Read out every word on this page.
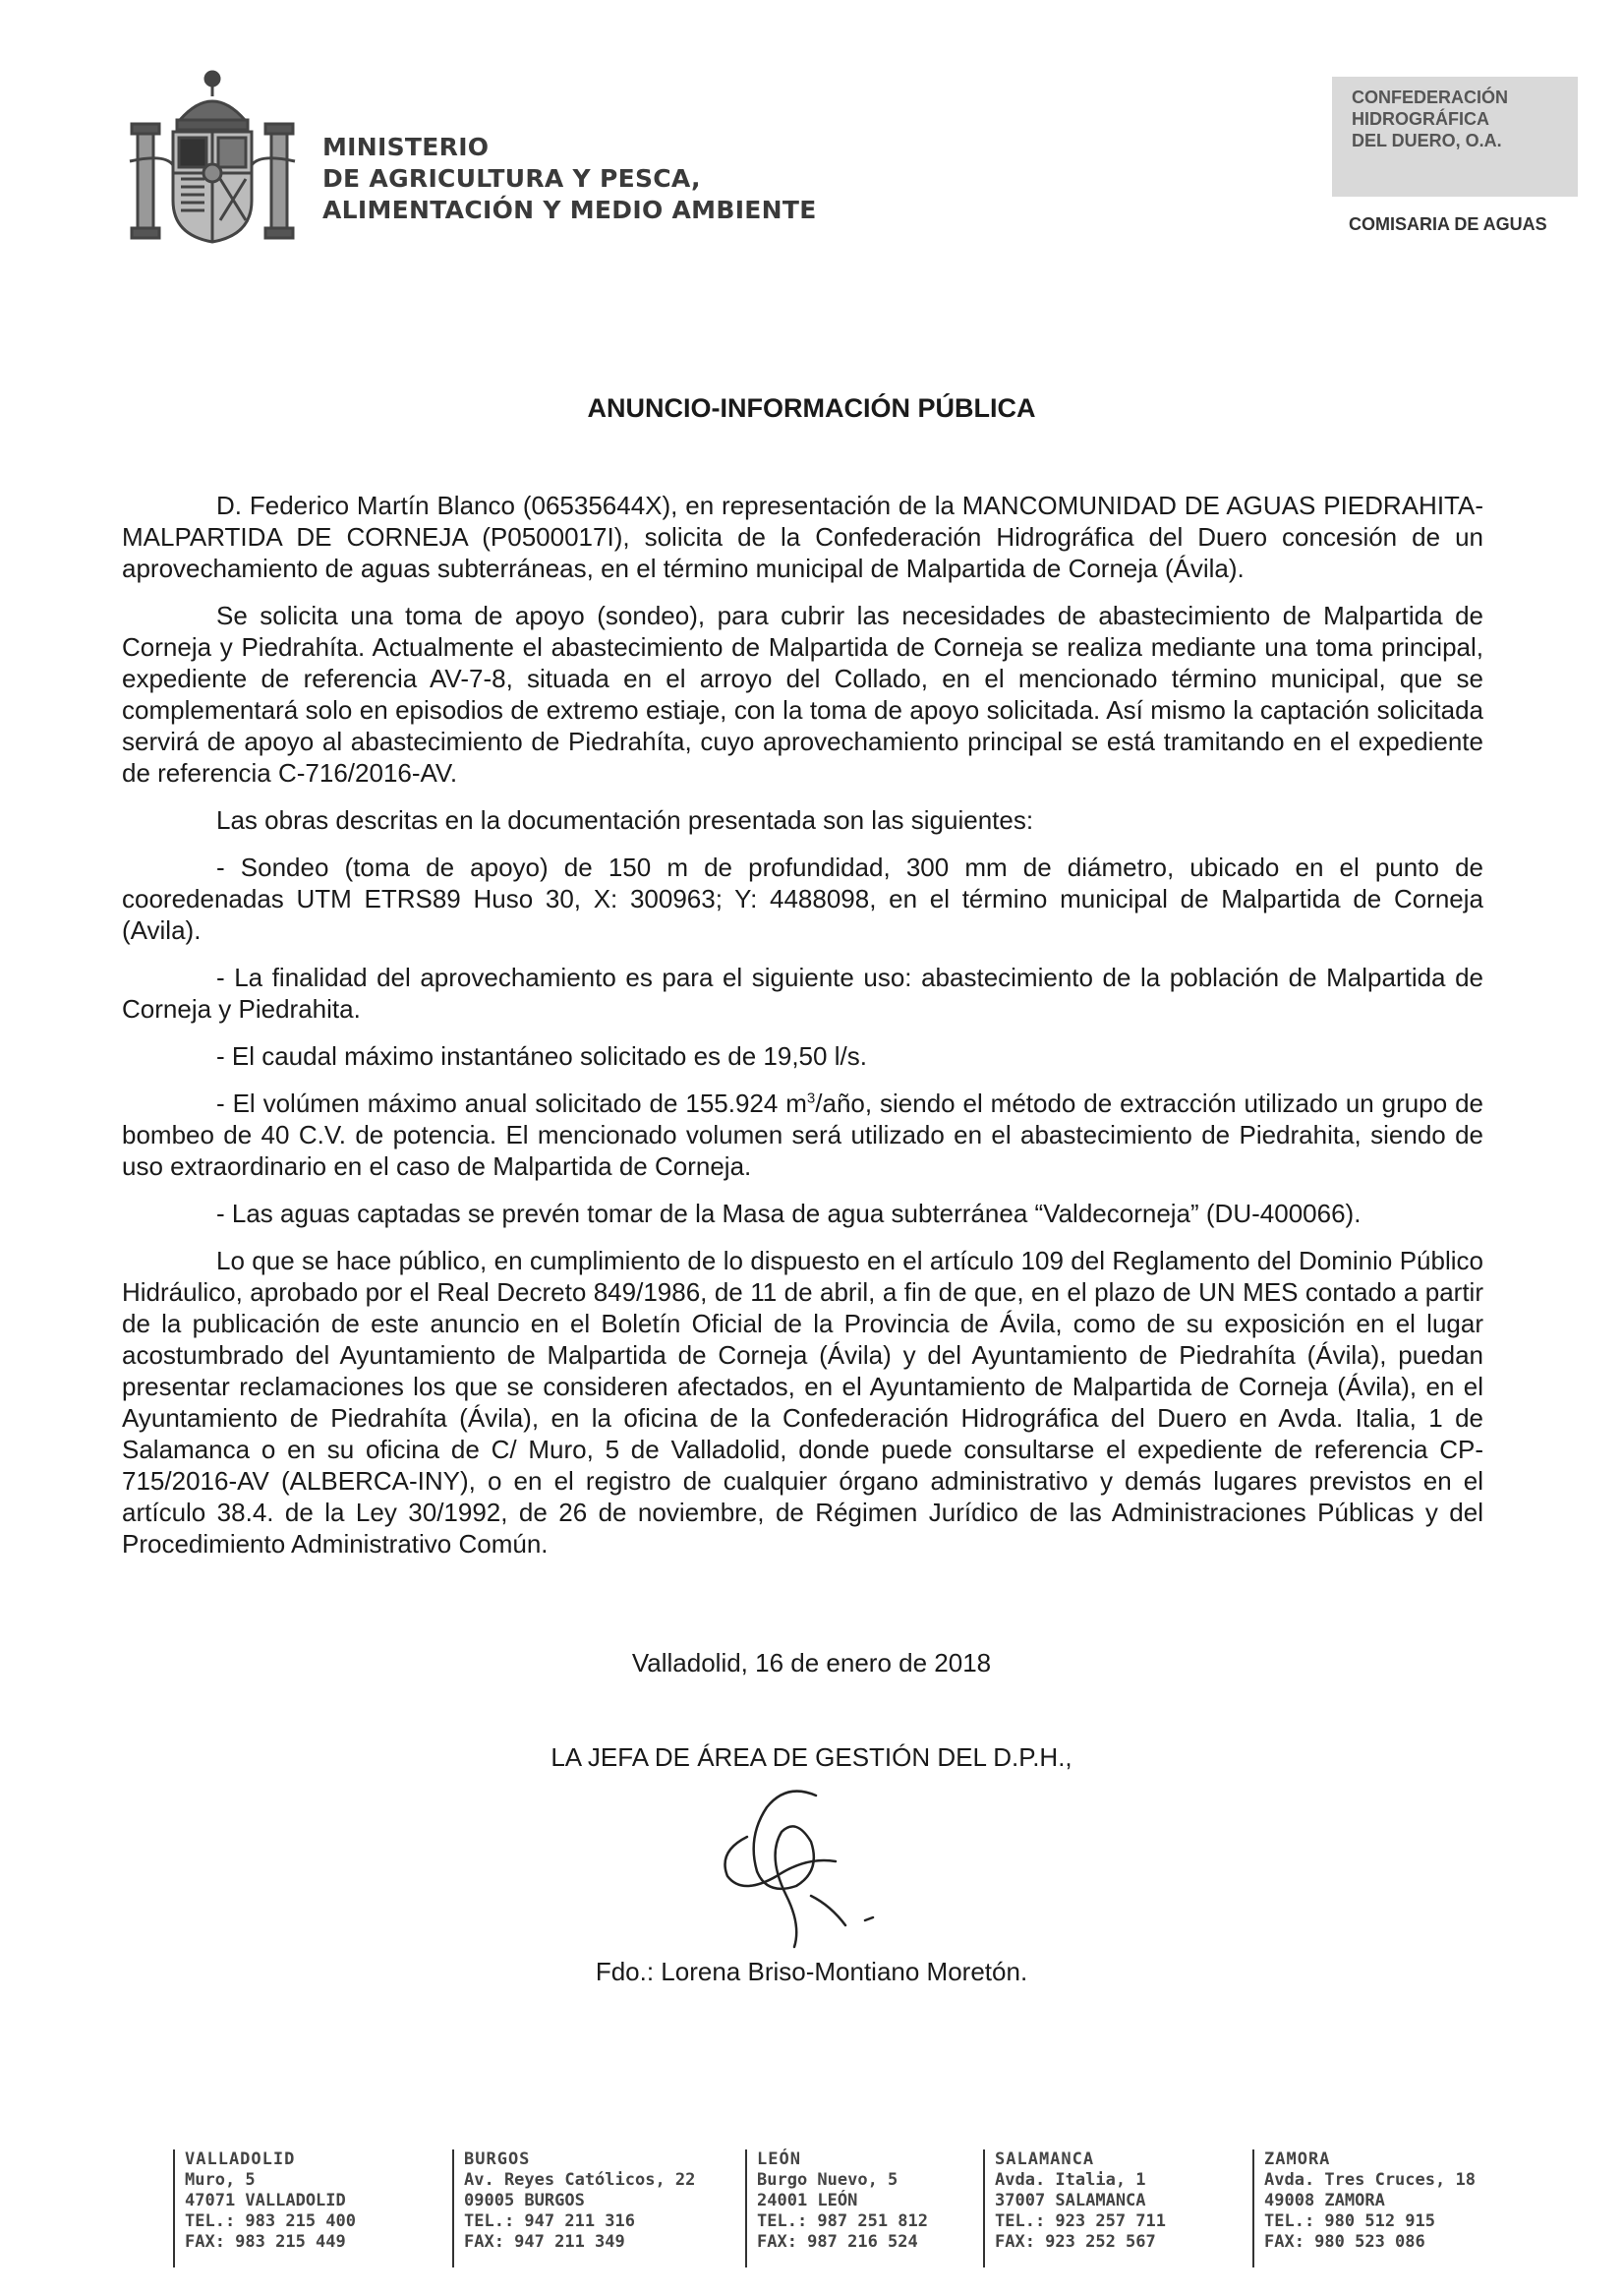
MINISTERIO
DE AGRICULTURA Y PESCA,
ALIMENTACIÓN Y MEDIO AMBIENTE
CONFEDERACIÓN
HIDROGRÁFICA
DEL DUERO, O.A.
COMISARIA DE AGUAS
ANUNCIO-INFORMACIÓN PÚBLICA

D. Federico Martín Blanco (06535644X), en representación de la MANCOMUNIDAD DE AGUAS PIEDRAHITA-MALPARTIDA DE CORNEJA (P0500017I), solicita de la Confederación Hidrográfica del Duero concesión de un aprovechamiento de aguas subterráneas, en el término municipal de Malpartida de Corneja (Ávila).

Se solicita una toma de apoyo (sondeo), para cubrir las necesidades de abastecimiento de Malpartida de Corneja y Piedrahíta. Actualmente el abastecimiento de Malpartida de Corneja se realiza mediante una toma principal, expediente de referencia AV-7-8, situada en el arroyo del Collado, en el mencionado término municipal, que se complementará solo en episodios de extremo estiaje, con la toma de apoyo solicitada. Así mismo la captación solicitada servirá de apoyo al abastecimiento de Piedrahíta, cuyo aprovechamiento principal se está tramitando en el expediente de referencia C-716/2016-AV.

Las obras descritas en la documentación presentada son las siguientes:

- Sondeo (toma de apoyo) de 150 m de profundidad, 300 mm de diámetro, ubicado en el punto de cooredenadas UTM ETRS89 Huso 30, X: 300963; Y: 4488098, en el término municipal de Malpartida de Corneja (Avila).

- La finalidad del aprovechamiento es para el siguiente uso: abastecimiento de la población de Malpartida de Corneja y Piedrahita.

- El caudal máximo instantáneo solicitado es de 19,50 l/s.

- El volúmen máximo anual solicitado de 155.924 $m^3$/año, siendo el método de extracción utilizado un grupo de bombeo de 40 C.V. de potencia. El mencionado volumen será utilizado en el abastecimiento de Piedrahita, siendo de uso extraordinario en el caso de Malpartida de Corneja.

- Las aguas captadas se prevén tomar de la Masa de agua subterránea “Valdecorneja” (DU-400066).

Lo que se hace público, en cumplimiento de lo dispuesto en el artículo 109 del Reglamento del Dominio Público Hidráulico, aprobado por el Real Decreto 849/1986, de 11 de abril, a fin de que, en el plazo de UN MES contado a partir de la publicación de este anuncio en el Boletín Oficial de la Provincia de Ávila, como de su exposición en el lugar acostumbrado del Ayuntamiento de Malpartida de Corneja (Ávila) y del Ayuntamiento de Piedrahíta (Ávila), puedan presentar reclamaciones los que se consideren afectados, en el Ayuntamiento de Malpartida de Corneja (Ávila), en el Ayuntamiento de Piedrahíta (Ávila), en la oficina de la Confederación Hidrográfica del Duero en Avda. Italia, 1 de Salamanca o en su oficina de C/ Muro, 5 de Valladolid, donde puede consultarse el expediente de referencia CP- 715/2016-AV (ALBERCA-INY), o en el registro de cualquier órgano administrativo y demás lugares previstos en el artículo 38.4. de la Ley 30/1992, de 26 de noviembre, de Régimen Jurídico de las Administraciones Públicas y del Procedimiento Administrativo Común.

Valladolid, 16 de enero de 2018
LA JEFA DE ÁREA DE GESTIÓN DEL D.P.H.,
Fdo.: Lorena Briso-Montiano Moretón.
VALLADOLID
Muro, 5
47071 VALLADOLID
TEL.: 983 215 400
FAX: 983 215 449
BURGOS
Av. Reyes Católicos, 22
09005 BURGOS
TEL.: 947 211 316
FAX: 947 211 349
LEÓN
Burgo Nuevo, 5
24001 LEÓN
TEL.: 987 251 812
FAX: 987 216 524
SALAMANCA
Avda. Italia, 1
37007 SALAMANCA
TEL.: 923 257 711
FAX: 923 252 567
ZAMORA
Avda. Tres Cruces, 18
49008 ZAMORA
TEL.: 980 512 915
FAX: 980 523 086
